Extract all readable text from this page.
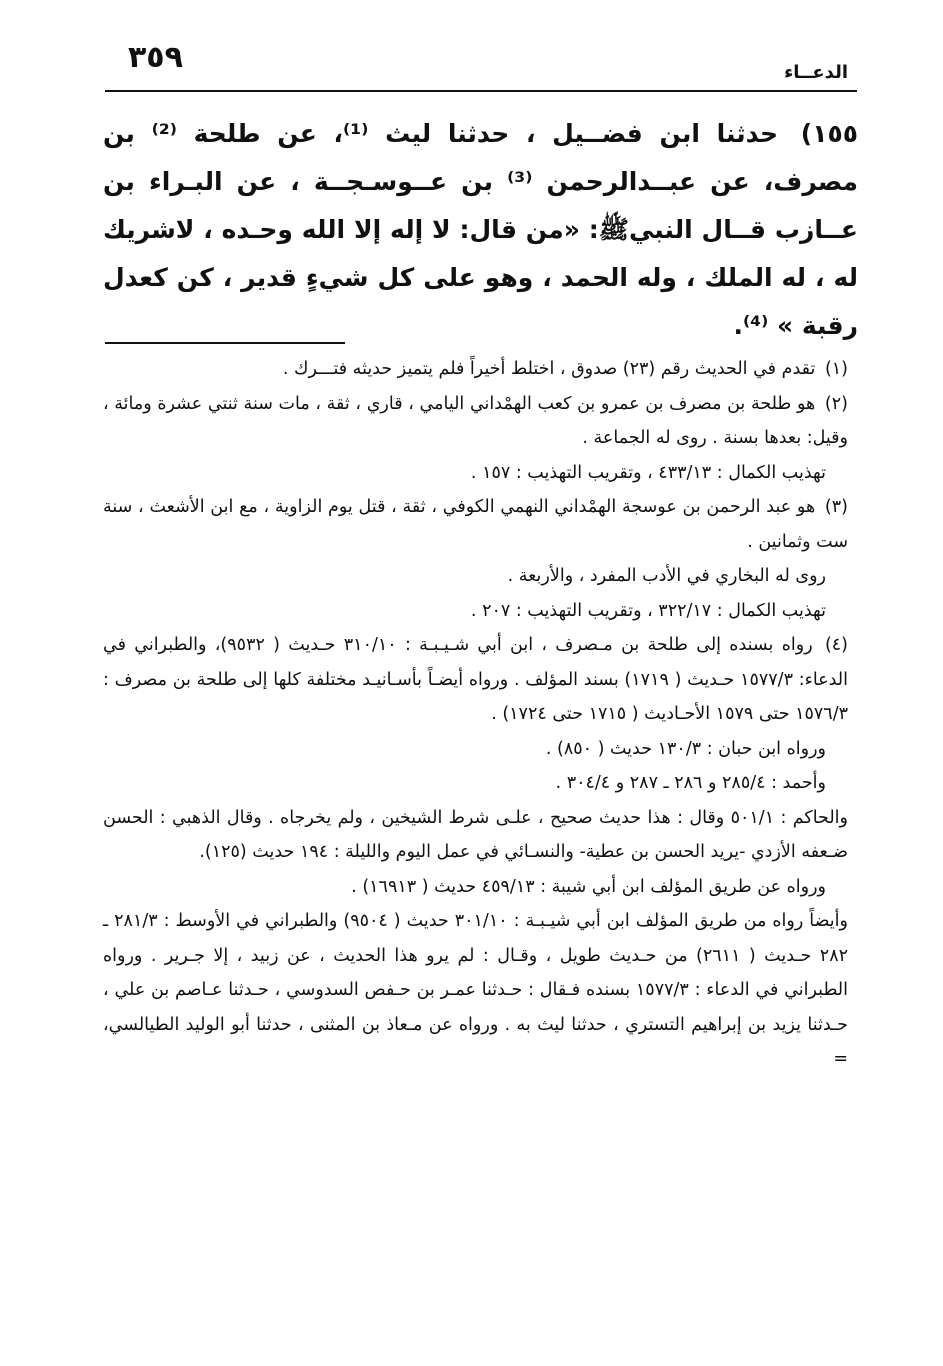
٣٥٩	الدعــاء
١٥٥) حدثنا ابن فضــيل ، حدثنا ليث ⁽¹⁾، عن طلحة ⁽²⁾ بن مصرف، عن عبــدالرحمن ⁽³⁾ بن عــوسـجــة ، عن البـراء بن عــازب قــال النبيﷺ: «من قال: لا إله إلا الله وحـده ، لاشريك له ، له الملك ، وله الحمد ، وهو على كل شيءٍ قدير ، كن كعدل رقبة » ⁽⁴⁾.

(١) تقدم في الحديث رقم (٢٣) صدوق ، اختلط أخيراً فلم يتميز حديثه فتـــرك .

(٢) هو طلحة بن مصرف بن عمرو بن كعب الهمْداني اليامي ، قاري ، ثقة ، مات سنة ثنتي عشرة ومائة ، وقيل: بعدها بسنة . روى له الجماعة .

تهذيب الكمال : ٤٣٣/١٣ ، وتقريب التهذيب : ١٥٧ .

(٣) هو عبد الرحمن بن عوسجة الهمْداني النهمي الكوفي ، ثقة ، قتل يوم الزاوية ، مع ابن الأشعث ، سنة ست وثمانين .

روى له البخاري في الأدب المفرد ، والأربعة .

تهذيب الكمال : ٣٢٢/١٧ ، وتقريب التهذيب : ٢٠٧ .

(٤) رواه بسنده إلى طلحة بن مـصرف ، ابن أبي شـيـبـة : ٣١٠/١٠ حـديث ( ٩٥٣٢)، والطبراني في الدعاء: ١٥٧٧/٣ حـديث ( ١٧١٩) بسند المؤلف . ورواه أيضـاً بأسـانيـد مختلفة كلها إلى طلحة بن مصرف : ١٥٧٦/٣ حتى ١٥٧٩ الأحـاديث ( ١٧١٥ حتى ١٧٢٤) .

ورواه ابن حبان : ١٣٠/٣ حديث ( ٨٥٠) .

وأحمد : ٢٨٥/٤ و ٢٨٦ ـ ٢٨٧ و ٣٠٤/٤ .

والحاكم : ٥٠١/١ وقال : هذا حديث صحيح ، علـى شرط الشيخين ، ولم يخرجاه . وقال الذهبي : الحسن ضـعفه الأزدي -يريد الحسن بن عطية- والنسـائي في عمل اليوم والليلة : ١٩٤ حديث (١٢٥).

ورواه عن طريق المؤلف ابن أبي شيبة : ٤٥٩/١٣ حديث ( ١٦٩١٣) .

وأيضاً رواه من طريق المؤلف ابن أبي شيـبـة : ٣٠١/١٠ حديث ( ٩٥٠٤) والطبراني في الأوسط : ٢٨١/٣ ـ ٢٨٢ حـديث ( ٢٦١١) من حـديث طويل ، وقـال : لم يرو هذا الحديث ، عن زبيد ، إلا جـرير . ورواه الطبراني في الدعاء : ١٥٧٧/٣ بسنده فـقال : حـدثنا عمـر بن حـفص السدوسي ، حـدثنا عـاصم بن علي ، حـدثنا يزيد بن إبراهيم التستري ، حدثنا ليث به . ورواه عن مـعاذ بن المثنى ، حدثنا أبو الوليد الطيالسي، =
